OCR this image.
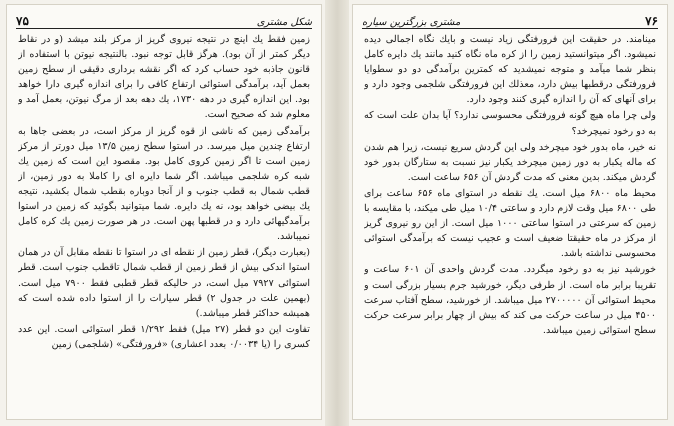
شکل مشتری
۷۵

زمین فقط یك اینچ در نتیجه نیروی گریز از مرکز بلند میشد (و در نقاط دیگر کمتر از آن بود). هرگز قابل توجه نبود. بالنتیجه نیوتن با استفاده از قانون جاذبه خود حساب کرد که اگر نقشه برداری دقیقی از سطح زمین بعمل آید، برآمدگی استوائی ارتفاع کافی را برای اندازه گیری دارا خواهد بود. این اندازه گیری در دهه ۱۷۳۰، یك دهه بعد از مرگ نیوتن، بعمل آمد و معلوم شد که صحیح است.

برآمدگی زمین که ناشی از قوه گریز از مرکز است، در بعضی جاها به ارتفاع چندین میل میرسد. در استوا سطح زمین ۱۳/۵ میل دورتر از مرکز زمین است تا اگر زمین کروی کامل بود. مقصود این است که زمین یك شبه کره شلجمی میباشد. اگر شما دایره ای را کاملا به دور زمین، از قطب شمال به قطب جنوب و از آنجا دوباره بقطب شمال بکشید، نتیجه یك بیضی خواهد بود، نه یك دایره. شما میتوانید بگوئید که زمین در استوا برآمدگیهائی دارد و در قطبها پهن است. در هر صورت زمین یك کره کامل نمیباشد.

(بعبارت دیگر)، قطر زمین از نقطه ای در استوا تا نقطه مقابل آن در همان استوا اندکی بیش از قطر زمین از قطب شمال تاقطب جنوب است. قطر استوائی ۷۹۲۷ میل است، در حالیکه قطر قطبی فقط ۷۹۰۰ میل است. (بهمین علت در جدول ۲) قطر سیارات را از استوا داده شده است که همیشه حداکثر قطر میباشد.)

تفاوت این دو قطر (۲۷ میل) فقط ۱/۲۹۲ قطر استوائی است. این عدد کسری را (یا ۰/۰۰۳۴ بعدد اعشاری) «فرورفتگی» (شلجمی) زمین

۷۶
مشتری بزرگترین سیاره

مینامند. در حقیقت این فرورفتگی زیاد نیست و بایك نگاه اجمالی دیده نمیشود. اگر میتوانستید زمین را از کره ماه نگاه کنید مانند یك دایره کامل بنظر شما میآمد و متوجه نمیشدید که کمترین برآمدگی دو دو سطوایا فرورفتگی درقطبها بیش دارد، معذلك این فرورفتگی شلجمی وجود دارد و برای آنهای که آن را اندازه گیری کنند وجود دارد.

ولی چرا ماه هیچ گونه فرورفتگی محسوسی ندارد؟ آیا بدان علت است که به دو رخود نمیچرخد؟

نه خیر، ماه بدور خود میچرخد ولی این گردش سریع نیست، زیرا هم شدن که ماله یکبار به دور زمین میچرخد یکبار نیز نسبت به ستارگان بدور خود گردش میکند. بدین معنی که مدت گردش آن ۶۵۶ ساعت است.

محیط ماه ۶۸۰۰ میل است. یك نقطه در استوای ماه ۶۵۶ ساعت برای طی ۶۸۰۰ میل وقت لازم دارد و ساعتی ۱۰/۴ میل طی میکند، با مقایسه با زمین که سرعتی در استوا ساعتی ۱۰۰۰ میل است. از این رو نیروی گریز از مرکز در ماه حقیقتا ضعیف است و عجیب نیست که برآمدگی استوائی محسوسی نداشته باشد.

خورشید نیز به دو رخود میگردد. مدت گردش واحدی آن ۶۰۱ ساعت و تقریبا برابر ماه است. از طرفی دیگر، خورشید جرم بسیار بزرگی است و محیط استوائی آن ۲۷۰۰۰۰۰ میل میباشد. از خورشید، سطح آفتاب سرعت ۴۵۰۰ میل در ساعت حرکت می کند که بیش از چهار برابر سرعت حرکت سطح استوائی زمین میباشد.
